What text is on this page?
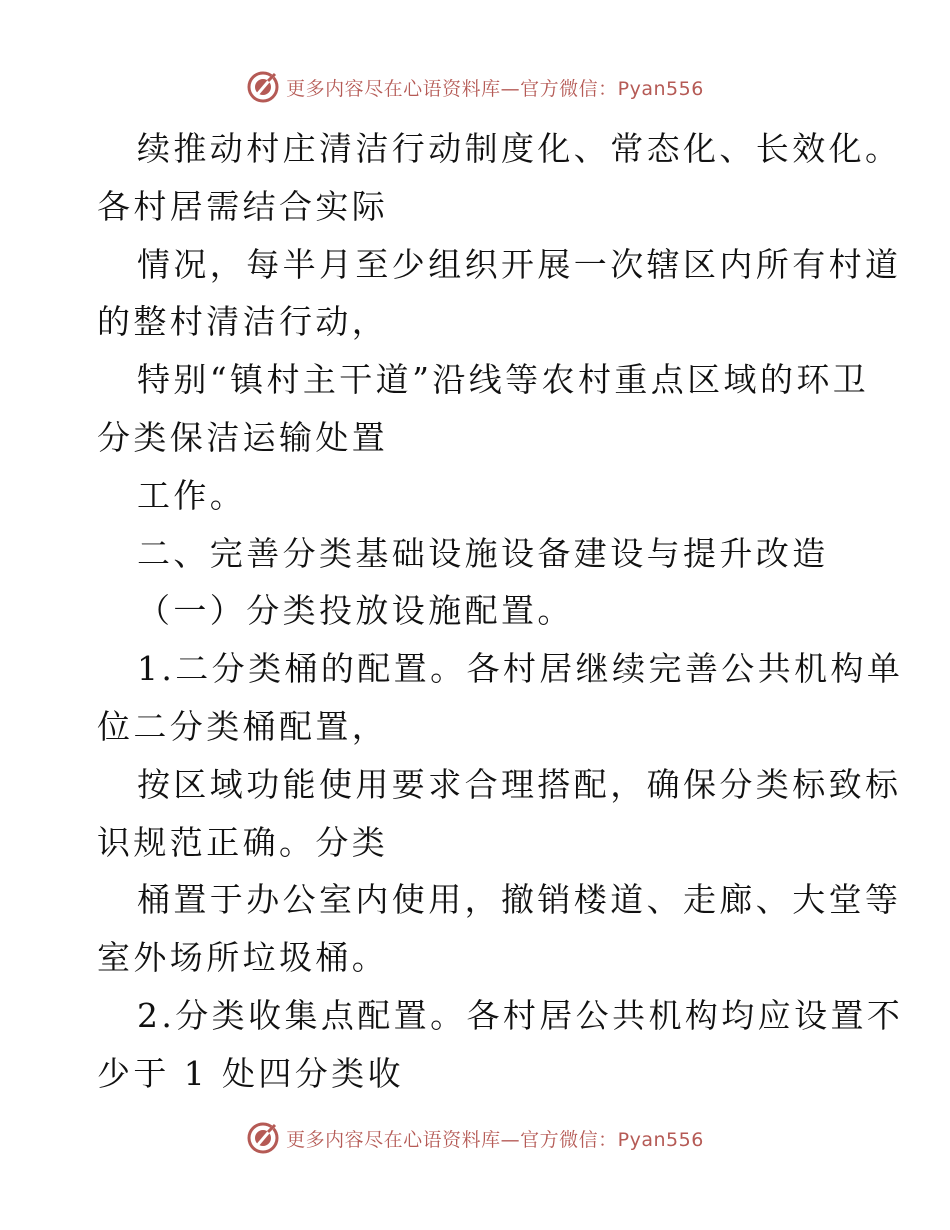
更多内容尽在心语资料库—官方微信：Pyan556
续推动村庄清洁行动制度化、常态化、长效化。
各村居需结合实际
情况，每半月至少组织开展一次辖区内所有村道
的整村清洁行动，
特别“镇村主干道”沿线等农村重点区域的环卫
分类保洁运输处置
工作。
二、完善分类基础设施设备建设与提升改造
（一）分类投放设施配置。
1.二分类桶的配置。各村居继续完善公共机构单
位二分类桶配置，
按区域功能使用要求合理搭配，确保分类标致标
识规范正确。分类
桶置于办公室内使用，撤销楼道、走廊、大堂等
室外场所垃圾桶。
2.分类收集点配置。各村居公共机构均应设置不
少于 1 处四分类收
更多内容尽在心语资料库—官方微信：Pyan556
